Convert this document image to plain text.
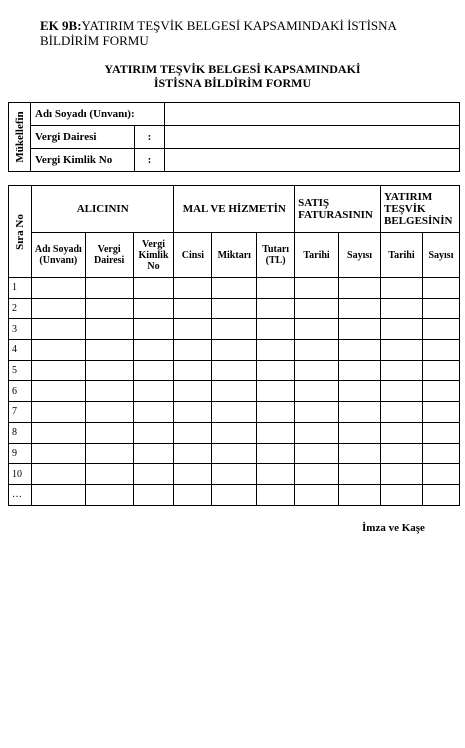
EK 9B:YATIRIM TEŞVİK BELGESİ KAPSAMINDAKİ İSTİSNA BİLDİRİM FORMU
YATIRIM TEŞVİK BELGESİ KAPSAMINDAKİ
İSTİSNA BİLDİRİM FORMU
Mükellefin	Adı Soyadı (Unvanı):		
	Vergi Dairesi	:	
	Vergi Kimlik No	:	
Sıra No	ALICININ			MAL VE HİZMETİN			SATIŞ FATURASININ		YATIRIM TEŞVİK BELGESİNİN	
	Adı Soyadı (Unvanı)	Vergi Dairesi	Vergi Kimlik No	Cinsi	Miktarı	Tutarı (TL)	Tarihi	Sayısı	Tarihi	Sayısı
1										
2										
3										
4										
5										
6										
7										
8										
9										
10										
…										
İmza ve Kaşe
